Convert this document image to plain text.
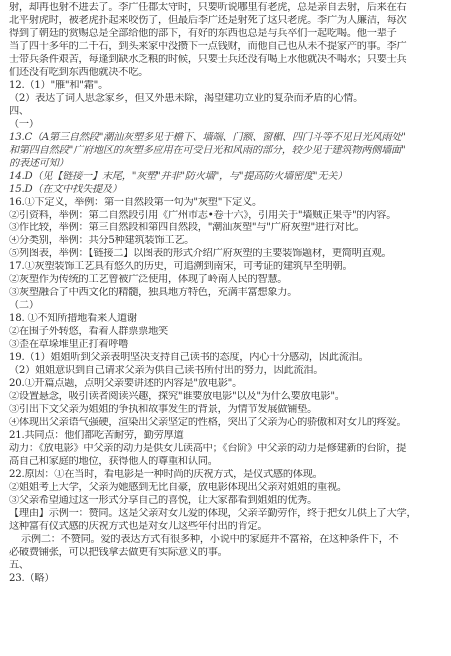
射，却再也射不进去了。李广任郡太守时，只要听说哪里有老虎，总是亲自去射，后来在右
北平射虎时，被老虎扑起来咬伤了，但最后李广还是射死了这只老虎。李广为人廉洁，每次
得到了朝廷的赏赐总是全部给他的部下，有好的东西也总是与兵卒们一起吃喝。他一辈子
当了四十多年的二千石，到头来家中没攒下一点钱财，而他自己也从未不提家产的事。李广
士带兵条件艰苦，每逢到缺水乏粮的时候，只要士兵还没有喝上水他就决不喝水；只要士兵
们还没有吃到东西他就决不吃。
12.（1）"雁"和"霜"。
（2）表达了词人思念家乡，但又外患未除，渴望建功立业的复杂而矛盾的心情。
四、
（一）
13.C（A第三自然段"潮汕灰塑多见于檐下、墙端、门额、窗楣、四门斗等不见日光风雨处"
和第四自然段"广府地区的灰塑多应用在可受日光和风雨的部分，较少见于建筑物两侧墙面"
的表述可知）
14.D（见【链接一】末尾，"灰塑"并非"防火墙"，与"提高防火墙密度"无关）
15.D（在文中找失提及）
16.①下定义，举例：第一自然段第一句为"灰塑"下定义。
②引资料，举例：第二自然段引用《广州市志•卷十六》，引用关于"墙贼正果寺"的内容。
③作比较，举例：第三自然段和第四自然段，"潮汕灰塑"与"广府灰塑"进行对比。
④分类别，举例：共分5种建筑装饰工艺。
⑤列图表，举例：【链接二】以图表的形式介绍广府灰塑的主要装饰题材，更简明直观。
17.①灰塑装饰工艺具有悠久的历史，可追溯到南宋，可考证的建筑早至明朝。
②灰塑作为传统的工艺曾被广泛使用，体现了岭南人民的智慧。
③灰塑融合了中西文化的精髓，独具地方特色，充满丰富想象力。
（二）
18. ①不知所措地看来人道谢
②在围子外转悠，看着人群票票地笑
③歪在草垛堆里正打着呼噜
19.（1）姐姐听到父亲表明坚决支持自己读书的态度，内心十分感动，因此流泪。
（2）姐姐意识到自己请求父亲为供自己读书所付出的努力，因此流泪。
20.①开篇点题，点明父亲要讲述的内容是"放电影"。
②设置悬念，吸引读者阅读兴趣，探究"谁要放电影"以及"为什么要放电影"。
③引出下文父亲为姐姐的争执和故事发生的背景，为情节发展做铺垫。
④体现出父亲语气强硬，渲染出父亲坚定的性格，突出了父亲为心的骄傲和对女儿的疼爱。
21.共同点：他们都吃苦耐劳，勤劳厚道
动力：《放电影》中父亲的动力是供女儿读高中；《台阶》中父亲的动力是修建新的台阶，提
高自己和家庭的地位，获得他人的尊重和认同。
22.原因：①在当时，看电影是一种时尚的庆祝方式，是仪式感的体现。
②姐姐考上大学，父亲为她感到无比自豪，放电影体现出父亲对姐姐的重视。
③父亲希望通过这一形式分享自己的喜悦，让大家都看到姐姐的优秀。
【理由】示例一：赞同。这是父亲对女儿爱的体现，父亲辛勤劳作，终于把女儿供上了大学，
这种富有仪式感的庆祝方式也是对女儿这些年付出的肯定。
示例二：不赞同。爱的表达方式有很多种，小说中的家庭并不富裕，在这种条件下，不
必破费铺张，可以把钱拿去做更有实际意义的事。
五、
23.（略）
